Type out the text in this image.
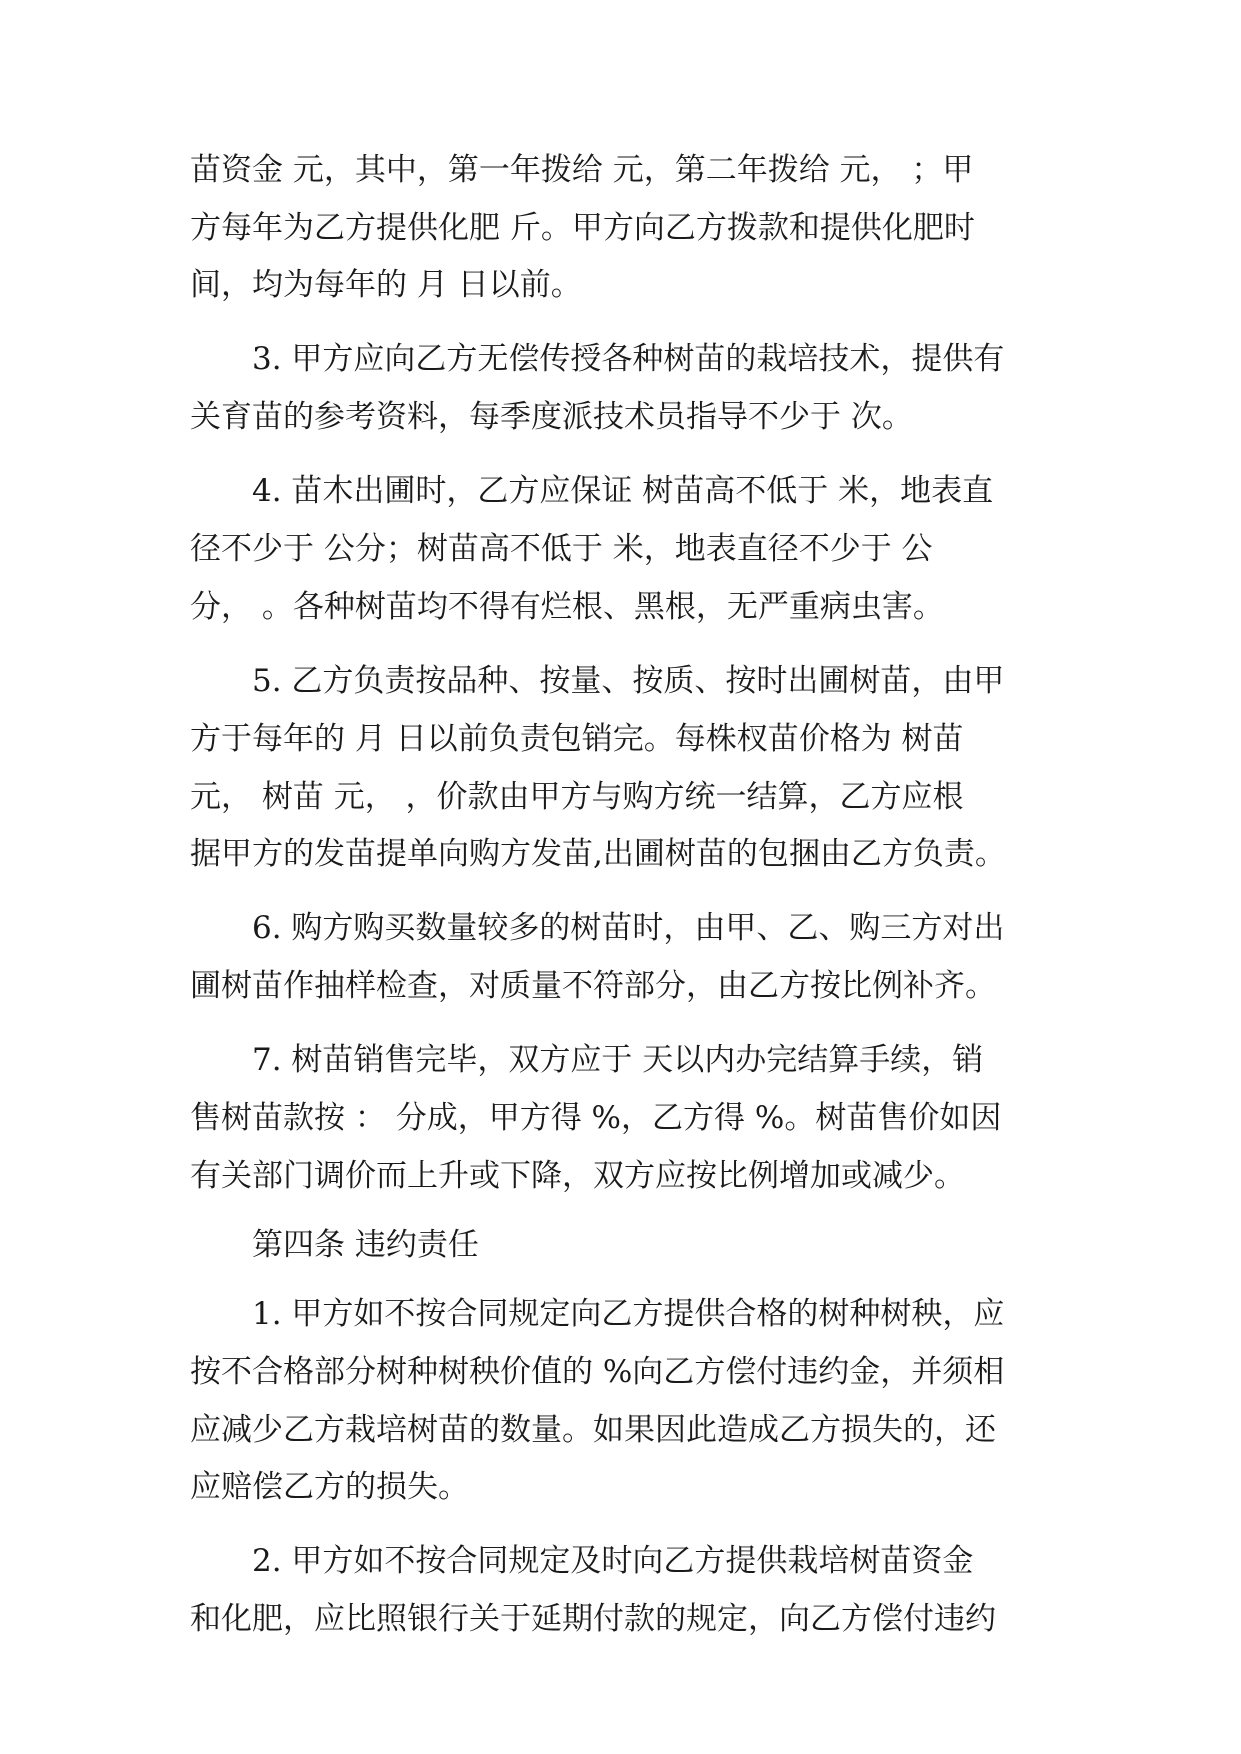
苗资金 元，其中，第一年拨给 元，第二年拨给 元， ；甲
方每年为乙方提供化肥 斤。甲方向乙方拨款和提供化肥时
间，均为每年的 月 日以前。
3. 甲方应向乙方无偿传授各种树苗的栽培技术，提供有
关育苗的参考资料，每季度派技术员指导不少于 次。
4. 苗木出圃时，乙方应保证 树苗高不低于 米，地表直
径不少于 公分；树苗高不低于 米，地表直径不少于 公
分， 。各种树苗均不得有烂根、黑根，无严重病虫害。
5. 乙方负责按品种、按量、按质、按时出圃树苗，由甲
方于每年的 月 日以前负责包销完。每株杈苗价格为 树苗
元， 树苗 元， ，价款由甲方与购方统一结算，乙方应根
据甲方的发苗提单向购方发苗,出圃树苗的包捆由乙方负责。
6. 购方购买数量较多的树苗时，由甲、乙、购三方对出
圃树苗作抽样检查，对质量不符部分，由乙方按比例补齐。
7. 树苗销售完毕，双方应于 天以内办完结算手续，销
售树苗款按 ： 分成，甲方得 %，乙方得 %。树苗售价如因
有关部门调价而上升或下降，双方应按比例增加或减少。
第四条 违约责任
1. 甲方如不按合同规定向乙方提供合格的树种树秧，应
按不合格部分树种树秧价值的 %向乙方偿付违约金，并须相
应减少乙方栽培树苗的数量。如果因此造成乙方损失的，还
应赔偿乙方的损失。
2. 甲方如不按合同规定及时向乙方提供栽培树苗资金
和化肥，应比照银行关于延期付款的规定，向乙方偿付违约
